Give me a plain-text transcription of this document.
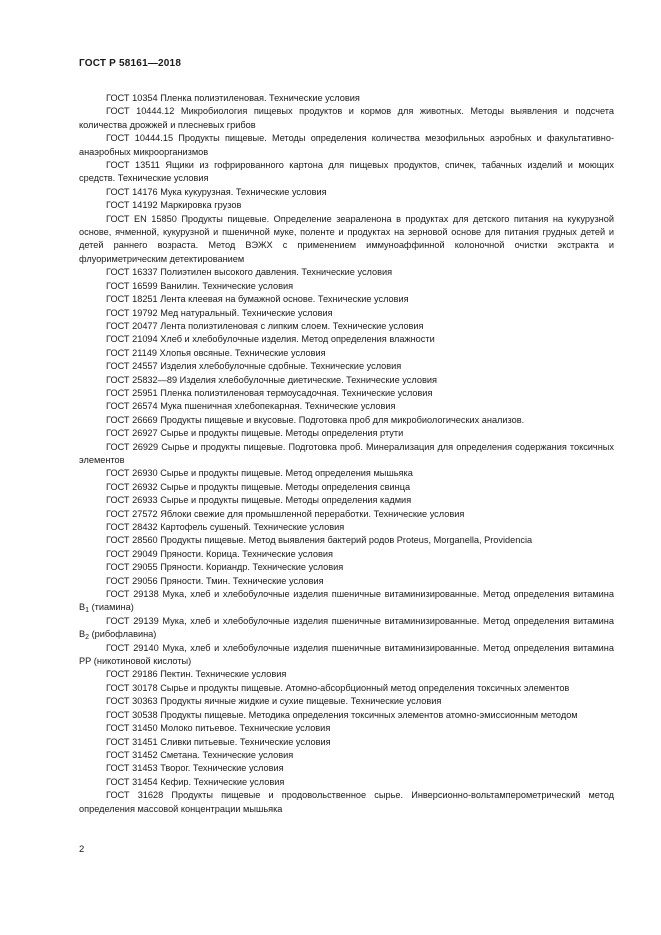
ГОСТ Р 58161—2018

ГОСТ 10354 Пленка полиэтиленовая. Технические условия

ГОСТ 10444.12 Микробиология пищевых продуктов и кормов для животных. Методы выявления и подсчета количества дрожжей и плесневых грибов

ГОСТ 10444.15 Продукты пищевые. Методы определения количества мезофильных аэробных и факультативно-анаэробных микроорганизмов

ГОСТ 13511 Ящики из гофрированного картона для пищевых продуктов, спичек, табачных изделий и моющих средств. Технические условия

ГОСТ 14176 Мука кукурузная. Технические условия

ГОСТ 14192 Маркировка грузов

ГОСТ EN 15850 Продукты пищевые. Определение зеараленона в продуктах для детского питания на кукурузной основе, ячменной, кукурузной и пшеничной муке, поленте и продуктах на зерновой основе для питания грудных детей и детей раннего возраста. Метод ВЭЖХ с применением иммуноаффинной колоночной очистки экстракта и флуориметрическим детектированием

ГОСТ 16337 Полиэтилен высокого давления. Технические условия

ГОСТ 16599 Ванилин. Технические условия

ГОСТ 18251 Лента клеевая на бумажной основе. Технические условия

ГОСТ 19792 Мед натуральный. Технические условия

ГОСТ 20477 Лента полиэтиленовая с липким слоем. Технические условия

ГОСТ 21094 Хлеб и хлебобулочные изделия. Метод определения влажности

ГОСТ 21149 Хлопья овсяные. Технические условия

ГОСТ 24557 Изделия хлебобулочные сдобные. Технические условия

ГОСТ 25832—89 Изделия хлебобулочные диетические. Технические условия

ГОСТ 25951 Пленка полиэтиленовая термоусадочная. Технические условия

ГОСТ 26574 Мука пшеничная хлебопекарная. Технические условия

ГОСТ 26669 Продукты пищевые и вкусовые. Подготовка проб для микробиологических анализов.

ГОСТ 26927 Сырье и продукты пищевые. Методы определения ртути

ГОСТ 26929 Сырье и продукты пищевые. Подготовка проб. Минерализация для определения содержания токсичных элементов

ГОСТ 26930 Сырье и продукты пищевые. Метод определения мышьяка

ГОСТ 26932 Сырье и продукты пищевые. Методы определения свинца

ГОСТ 26933 Сырье и продукты пищевые. Методы определения кадмия

ГОСТ 27572 Яблоки свежие для промышленной переработки. Технические условия

ГОСТ 28432 Картофель сушеный. Технические условия

ГОСТ 28560 Продукты пищевые. Метод выявления бактерий родов Proteus, Morganella, Providencia

ГОСТ 29049 Пряности. Корица. Технические условия

ГОСТ 29055 Пряности. Кориандр. Технические условия

ГОСТ 29056 Пряности. Тмин. Технические условия

ГОСТ 29138 Мука, хлеб и хлебобулочные изделия пшеничные витаминизированные. Метод определения витамина $В_1$ (тиамина)

ГОСТ 29139 Мука, хлеб и хлебобулочные изделия пшеничные витаминизированные. Метод определения витамина $В_2$ (рибофлавина)

ГОСТ 29140 Мука, хлеб и хлебобулочные изделия пшеничные витаминизированные. Метод определения витамина РР (никотиновой кислоты)

ГОСТ 29186 Пектин. Технические условия

ГОСТ 30178 Сырье и продукты пищевые. Атомно-абсорбционный метод определения токсичных элементов

ГОСТ 30363 Продукты яичные жидкие и сухие пищевые. Технические условия

ГОСТ 30538 Продукты пищевые. Методика определения токсичных элементов атомно-эмиссионным методом

ГОСТ 31450 Молоко питьевое. Технические условия

ГОСТ 31451 Сливки питьевые. Технические условия

ГОСТ 31452 Сметана. Технические условия

ГОСТ 31453 Творог. Технические условия

ГОСТ 31454 Кефир. Технические условия

ГОСТ 31628 Продукты пищевые и продовольственное сырье. Инверсионно-вольтамперометрический метод определения массовой концентрации мышьяка

2
